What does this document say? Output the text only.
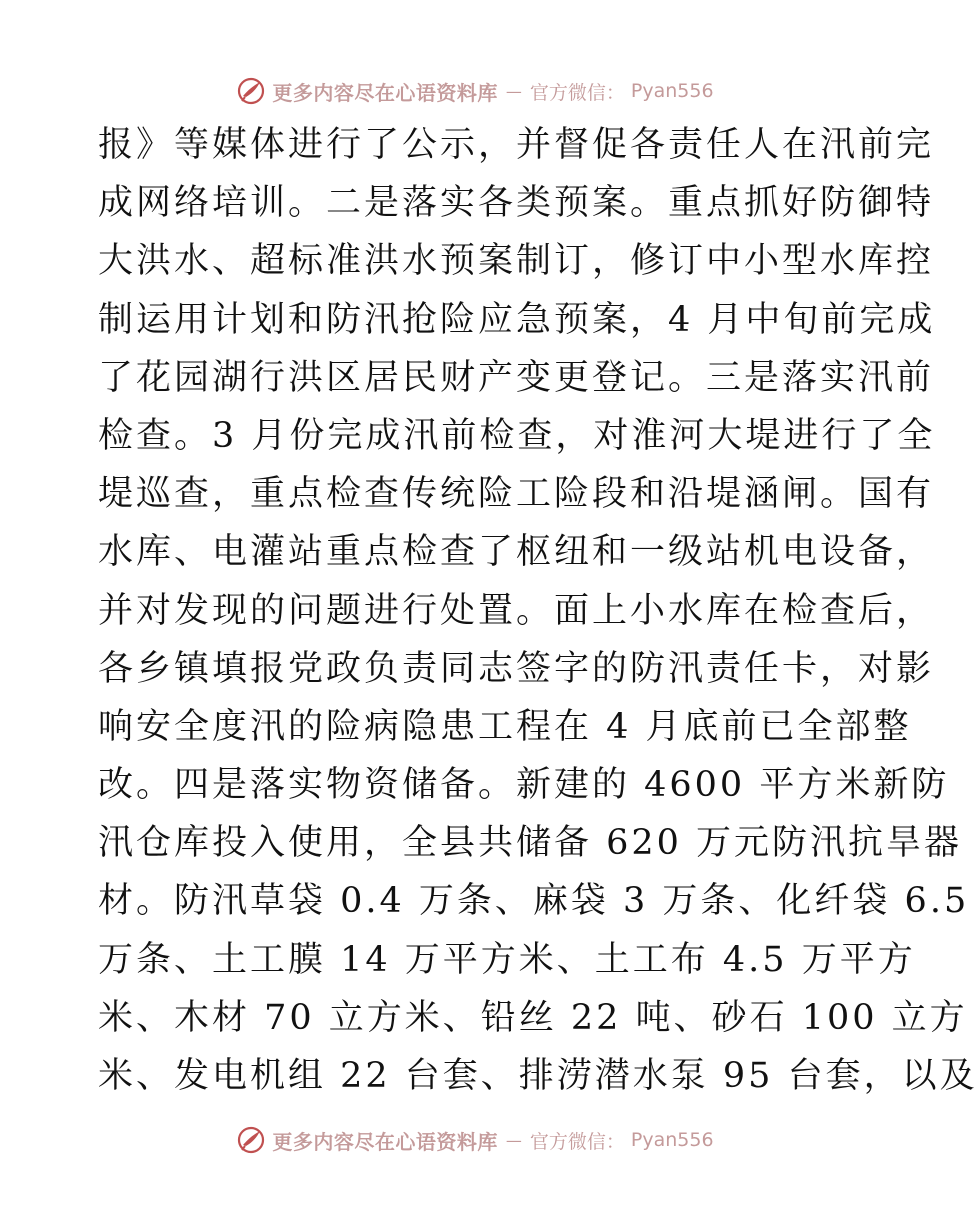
更多内容尽在心语资料库 — 官方微信： Pyan556
报》等媒体进行了公示，并督促各责任人在汛前完
成网络培训。二是落实各类预案。重点抓好防御特
大洪水、超标准洪水预案制订，修订中小型水库控
制运用计划和防汛抢险应急预案，4 月中旬前完成
了花园湖行洪区居民财产变更登记。三是落实汛前
检查。3 月份完成汛前检查，对淮河大堤进行了全
堤巡查，重点检查传统险工险段和沿堤涵闸。国有
水库、电灌站重点检查了枢纽和一级站机电设备，
并对发现的问题进行处置。面上小水库在检查后，
各乡镇填报党政负责同志签字的防汛责任卡，对影
响安全度汛的险病隐患工程在 4 月底前已全部整
改。四是落实物资储备。新建的 4600 平方米新防
汛仓库投入使用，全县共储备 620 万元防汛抗旱器
材。防汛草袋 0.4 万条、麻袋 3 万条、化纤袋 6.5
万条、土工膜 14 万平方米、土工布 4.5 万平方
米、木材 70 立方米、铅丝 22 吨、砂石 100 立方
米、发电机组 22 台套、排涝潜水泵 95 台套，以及
更多内容尽在心语资料库 — 官方微信： Pyan556
